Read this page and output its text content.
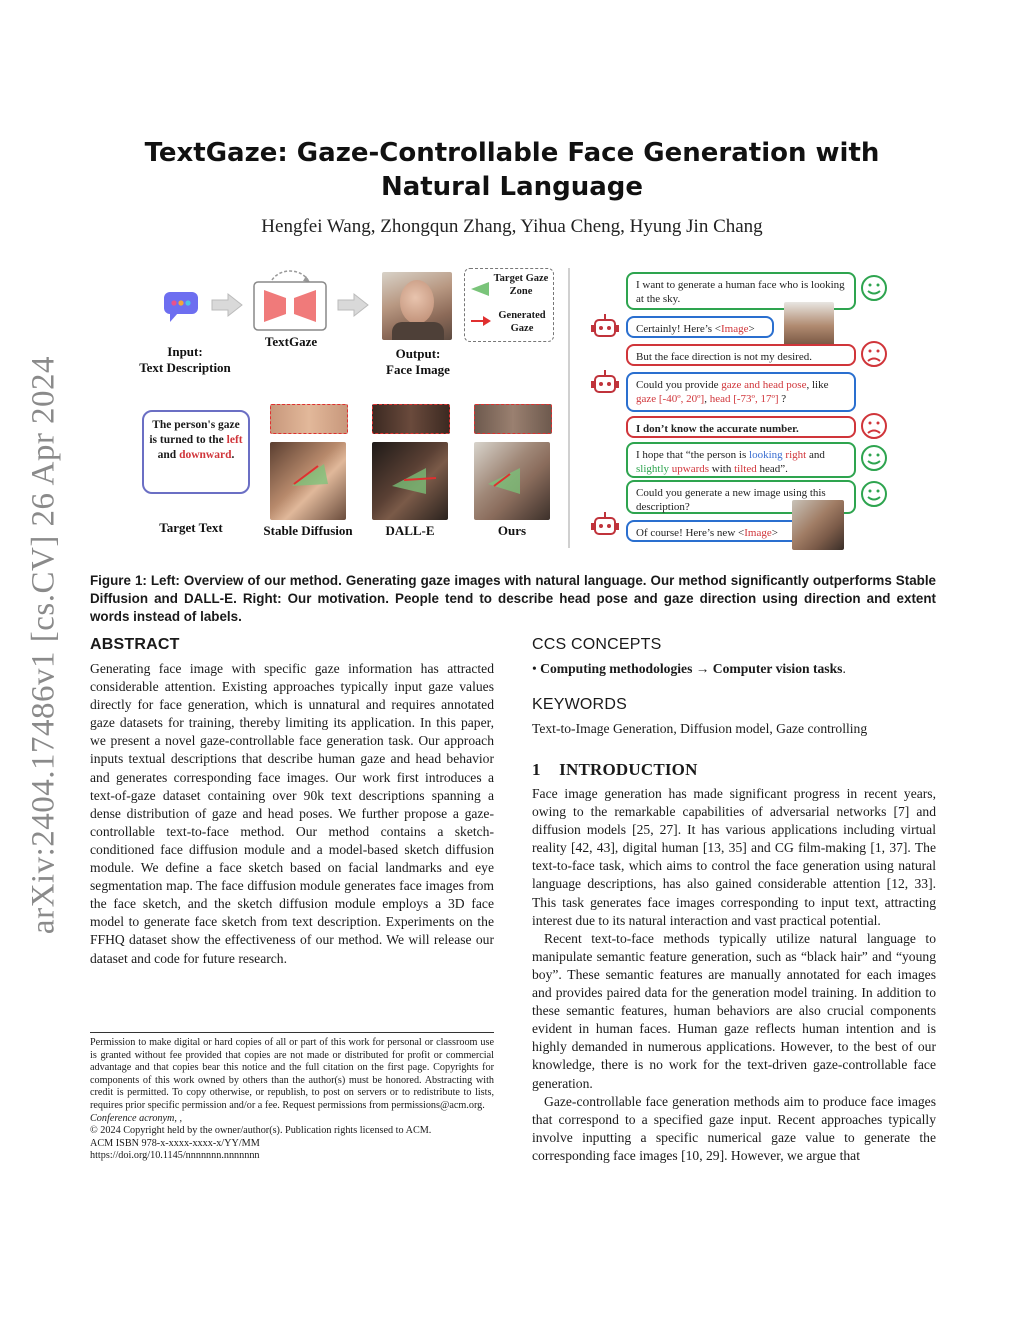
arXiv:2404.17486v1 [cs.CV] 26 Apr 2024
TextGaze: Gaze-Controllable Face Generation with Natural Language
Hengfei Wang, Zhongqun Zhang, Yihua Cheng, Hyung Jin Chang
Input:
Text Description
TextGaze
Output:
Face Image
Target Gaze Zone
Generated Gaze
The person's gaze is turned to the left and downward.
Target Text	Stable Diffusion	DALL-E	Ours
I want to generate a human face who is looking at the sky.
Certainly! Here’s <Image>
But the face direction is not my desired.
Could you provide gaze and head pose, like gaze [-40º, 20º], head [-73º, 17º] ?
I don’t know the accurate number.
I hope that “the person is looking right and slightly upwards with tilted head”.
Could you generate a new image using this description?
Of course! Here’s new <Image>
Figure 1: Left: Overview of our method. Generating gaze images with natural language. Our method significantly outperforms Stable Diffusion and DALL-E. Right: Our motivation. People tend to describe head pose and gaze direction using direction and extent words instead of labels.
ABSTRACT

Generating face image with specific gaze information has attracted considerable attention. Existing approaches typically input gaze values directly for face generation, which is unnatural and requires annotated gaze datasets for training, thereby limiting its application. In this paper, we present a novel gaze-controllable face generation task. Our approach inputs textual descriptions that describe human gaze and head behavior and generates corresponding face images. Our work first introduces a text-of-gaze dataset containing over 90k text descriptions spanning a dense distribution of gaze and head poses. We further propose a gaze-controllable text-to-face method. Our method contains a sketch-conditioned face diffusion module and a model-based sketch diffusion module. We define a face sketch based on facial landmarks and eye segmentation map. The face diffusion module generates face images from the face sketch, and the sketch diffusion module employs a 3D face model to generate face sketch from text description. Experiments on the FFHQ dataset show the effectiveness of our method. We will release our dataset and code for future research.

Permission to make digital or hard copies of all or part of this work for personal or classroom use is granted without fee provided that copies are not made or distributed for profit or commercial advantage and that copies bear this notice and the full citation on the first page. Copyrights for components of this work owned by others than the author(s) must be honored. Abstracting with credit is permitted. To copy otherwise, or republish, to post on servers or to redistribute to lists, requires prior specific permission and/or a fee. Request permissions from permissions@acm.org.
Conference acronym, ,
© 2024 Copyright held by the owner/author(s). Publication rights licensed to ACM.
ACM ISBN 978-x-xxxx-xxxx-x/YY/MM
https://doi.org/10.1145/nnnnnnn.nnnnnnn
CCS CONCEPTS
• Computing methodologies → Computer vision tasks.
KEYWORDS
Text-to-Image Generation, Diffusion model, Gaze controlling
1 INTRODUCTION

Face image generation has made significant progress in recent years, owing to the remarkable capabilities of adversarial networks [7] and diffusion models [25, 27]. It has various applications including virtual reality [42, 43], digital human [13, 35] and CG film-making [1, 37]. The text-to-face task, which aims to control the face generation using natural language descriptions, has also gained considerable attention [12, 33]. This task generates face images corresponding to input text, attracting interest due to its natural interaction and vast practical potential.

Recent text-to-face methods typically utilize natural language to manipulate semantic feature generation, such as “black hair” and “young boy”. These semantic features are manually annotated for each images and provides paired data for the generation model training. In addition to these semantic features, human behaviors are also crucial components evident in human faces. Human gaze reflects human intention and is highly demanded in numerous applications. However, to the best of our knowledge, there is no work for the text-driven gaze-controllable face generation.

Gaze-controllable face generation methods aim to produce face images that correspond to a specified gaze input. Recent approaches typically involve inputting a specific numerical gaze value to generate the corresponding face images [10, 29]. However, we argue that
